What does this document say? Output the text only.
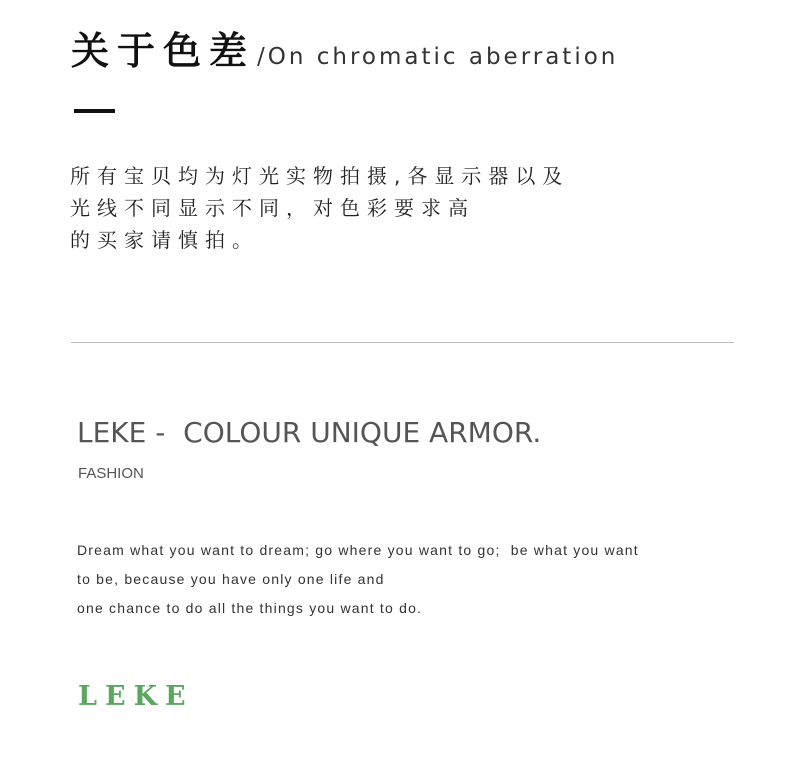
关于色差 /On chromatic aberration
所有宝贝均为灯光实物拍摄,各显示器以及
光线不同显示不同，对色彩要求高
的买家请慎拍。
LEKE -  COLOUR UNIQUE ARMOR.
FASHION
Dream what you want to dream; go where you want to go;  be what you want
to be, because you have only one life and
one chance to do all the things you want to do.
LEKE
